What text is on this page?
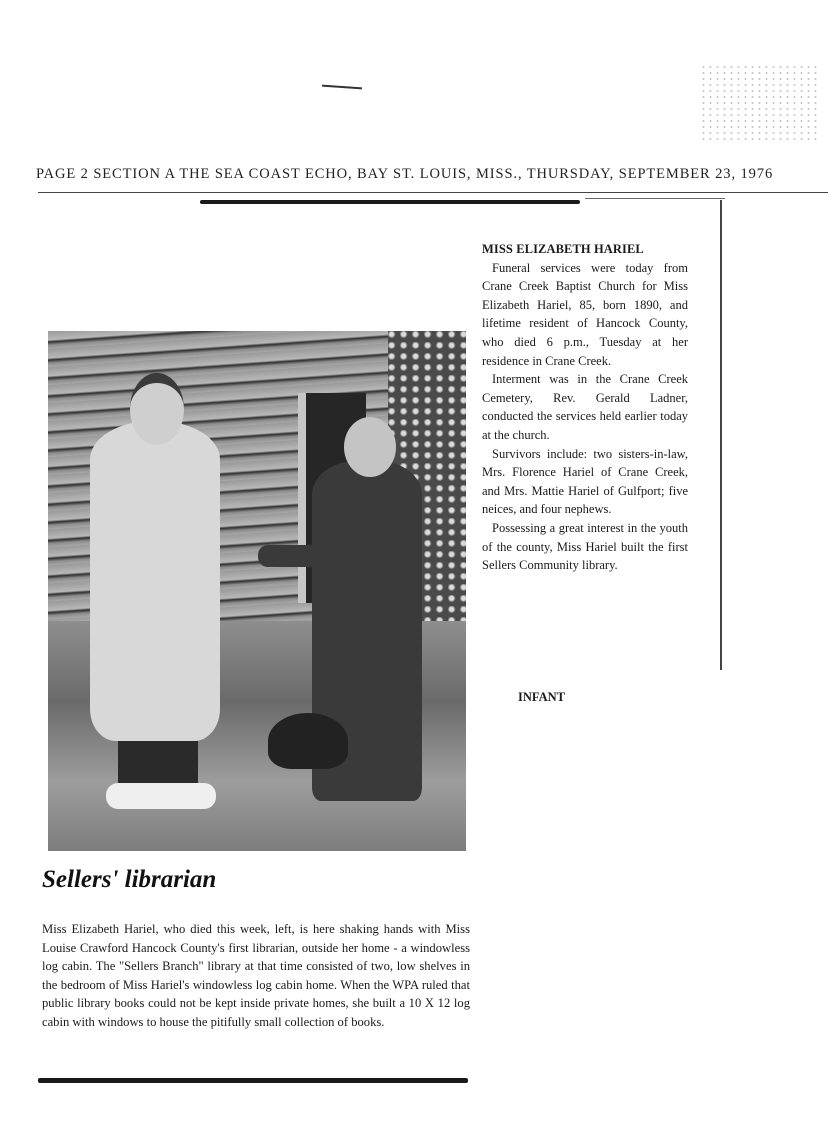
PAGE 2 SECTION A THE SEA COAST ECHO, BAY ST. LOUIS, MISS., THURSDAY, SEPTEMBER 23, 1976
Sellers' librarian
Miss Elizabeth Hariel, who died this week, left, is here shaking hands with Miss Louise Crawford Hancock County's first librarian, outside her home - a windowless log cabin. The "Sellers Branch" library at that time consisted of two, low shelves in the bedroom of Miss Hariel's windowless log cabin home. When the WPA ruled that public library books could not be kept inside private homes, she built a 10 X 12 log cabin with windows to house the pitifully small collection of books.
MISS ELIZABETH HARIEL

Funeral services were today from Crane Creek Baptist Church for Miss Elizabeth Hariel, 85, born 1890, and lifetime resident of Hancock County, who died 6 p.m., Tuesday at her residence in Crane Creek.

Interment was in the Crane Creek Cemetery, Rev. Gerald Ladner, conducted the services held earlier today at the church.

Survivors include: two sisters-in-law, Mrs. Florence Hariel of Crane Creek, and Mrs. Mattie Hariel of Gulfport; five neices, and four nephews.

Possessing a great interest in the youth of the county, Miss Hariel built the first Sellers Community library.

INFANT
